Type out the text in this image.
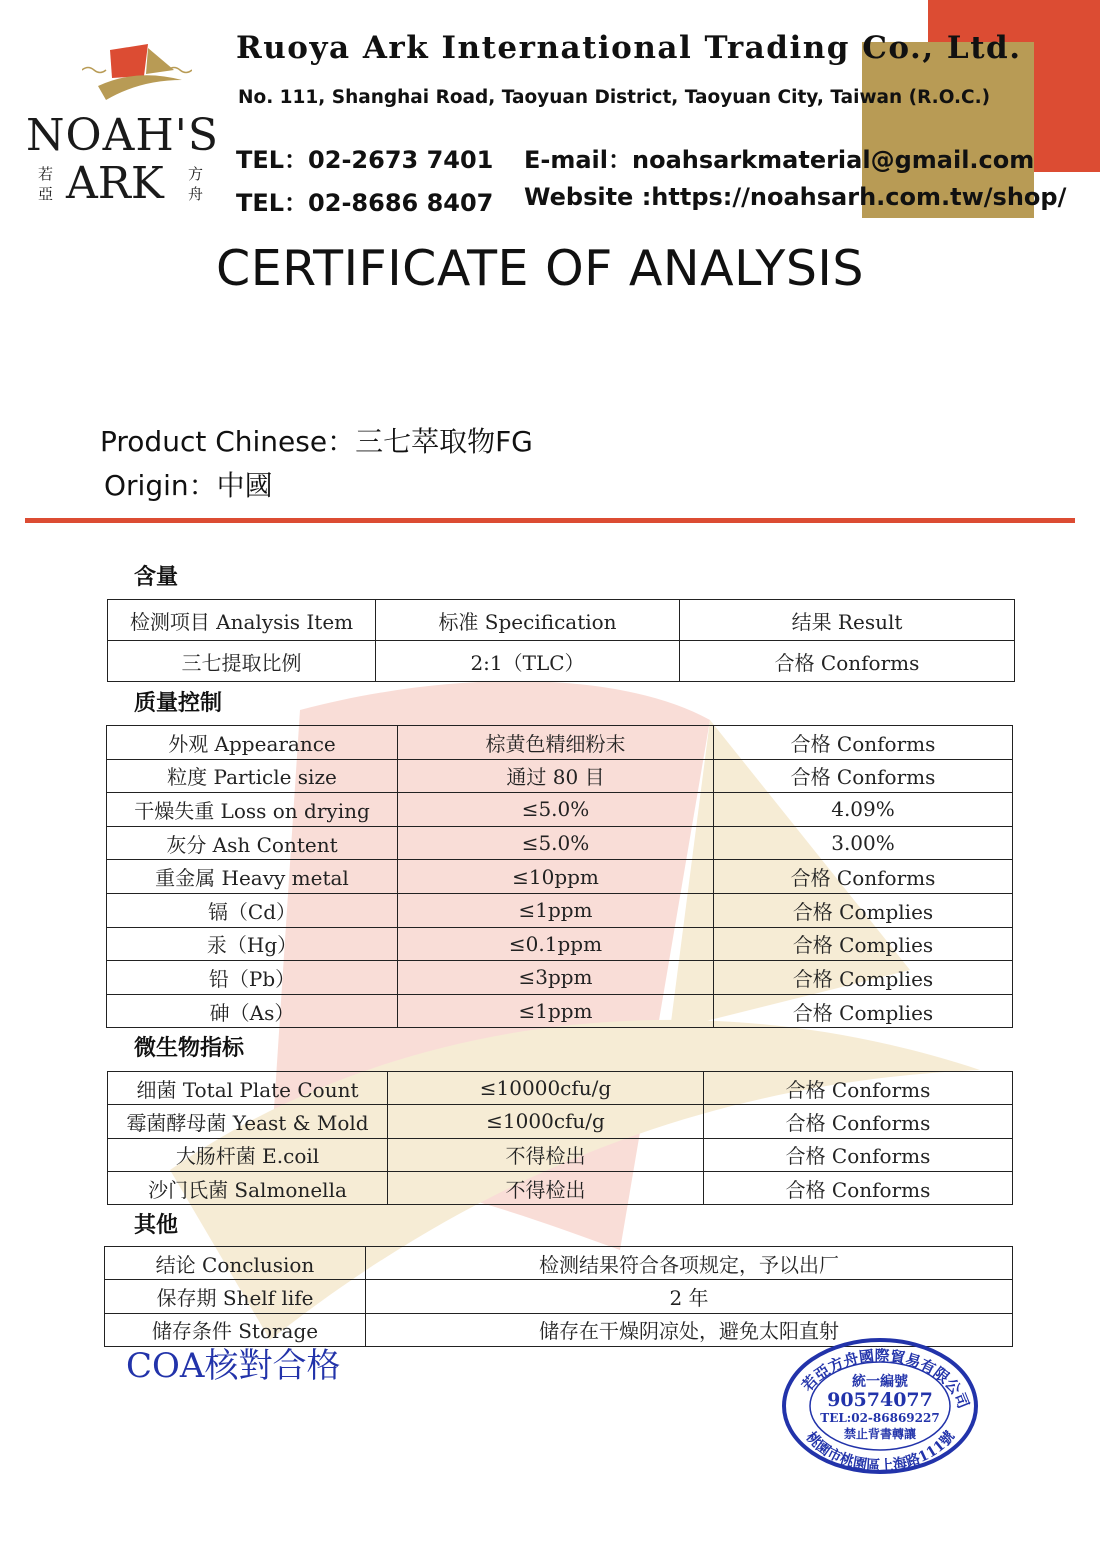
NOAH'S
若亞 ARK 方舟
Ruoya Ark International Trading Co., Ltd.
No. 111, Shanghai Road, Taoyuan District, Taoyuan City, Taiwan (R.O.C.)
TEL：02-2673 7401
TEL：02-8686 8407
E-mail：noahsarkmaterial@gmail.com
Website :https://noahsarh.com.tw/shop/
CERTIFICATE OF ANALYSIS
Product Chinese：三七萃取物FG
Origin：中國
含量
检测项目 Analysis Item	标准 Specification	结果 Result
三七提取比例	2:1（TLC）	合格 Conforms
质量控制
外观 Appearance	棕黄色精细粉末	合格 Conforms
粒度 Particle size	通过 80 目	合格 Conforms
干燥失重 Loss on drying	≤5.0%	4.09%
灰分 Ash Content	≤5.0%	3.00%
重金属 Heavy metal	≤10ppm	合格 Conforms
镉（Cd）	≤1ppm	合格 Complies
汞（Hg）	≤0.1ppm	合格 Complies
铅（Pb）	≤3ppm	合格 Complies
砷（As）	≤1ppm	合格 Complies
微生物指标
细菌 Total Plate Count	≤10000cfu/g	合格 Conforms
霉菌酵母菌 Yeast & Mold	≤1000cfu/g	合格 Conforms
大肠杆菌 E.coil	不得检出	合格 Conforms
沙门氏菌 Salmonella	不得检出	合格 Conforms
其他
结论 Conclusion	检测结果符合各项规定，予以出厂
保存期 Shelf life	2 年
储存条件 Storage	储存在干燥阴凉处，避免太阳直射
COA核對合格	若亞方舟國際貿易有限公司
桃園市桃園區上海路111號
統一編號
90574077
TEL:02-86869227
禁止背書轉讓
